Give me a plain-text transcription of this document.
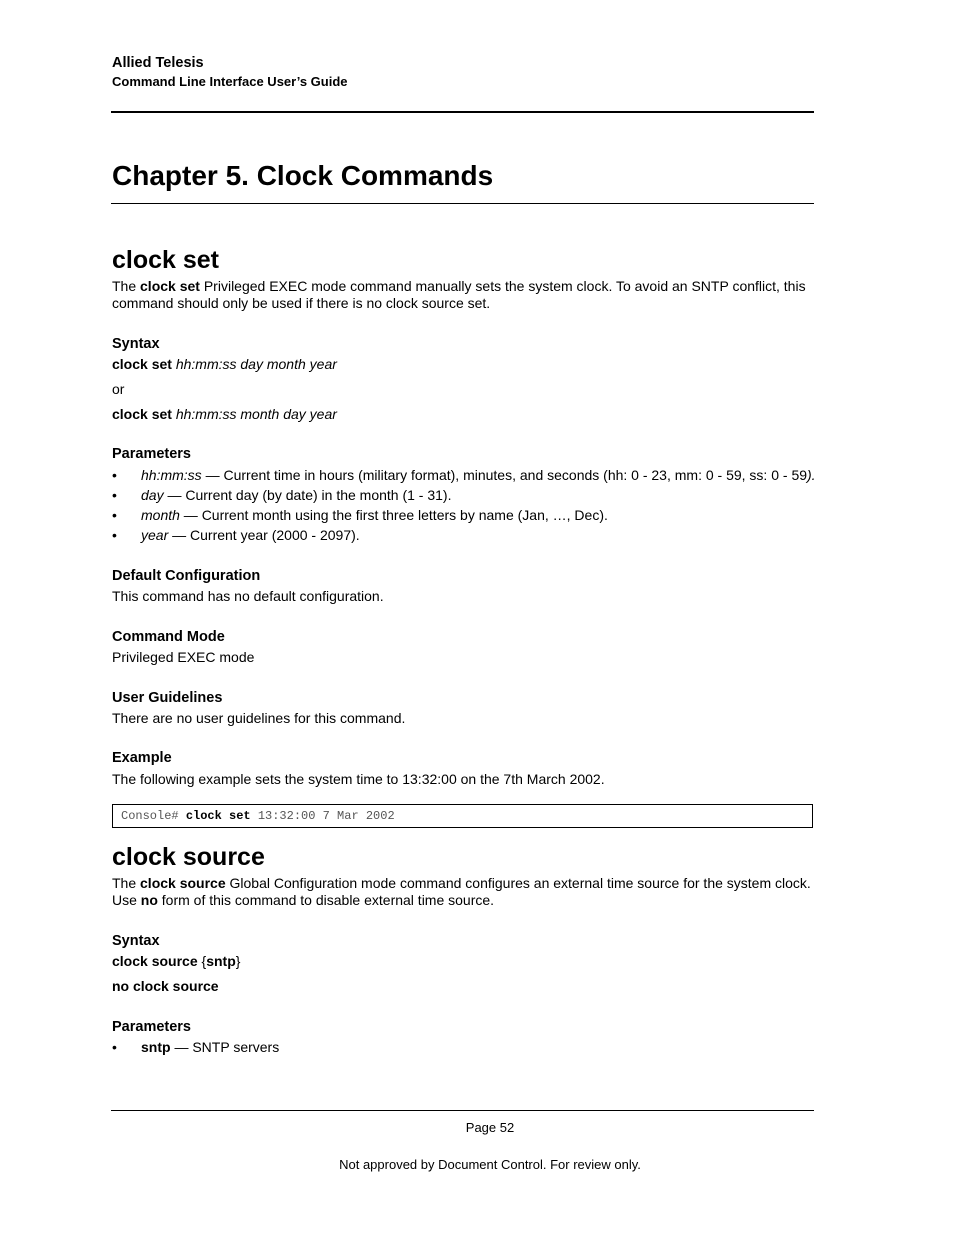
Allied Telesis
Command Line Interface User’s Guide
Chapter 5. Clock Commands
clock set
The clock set Privileged EXEC mode command manually sets the system clock. To avoid an SNTP conflict, this
command should only be used if there is no clock source set.
Syntax
clock set hh:mm:ss day month year
or
clock set hh:mm:ss month day year
Parameters
• hh:mm:ss — Current time in hours (military format), minutes, and seconds (hh: 0 - 23, mm: 0 - 59, ss: 0 - 59).
• day — Current day (by date) in the month (1 - 31).
• month — Current month using the first three letters by name (Jan, …, Dec).
• year — Current year (2000 - 2097).
Default Configuration
This command has no default configuration.
Command Mode
Privileged EXEC mode
User Guidelines
There are no user guidelines for this command.
Example
The following example sets the system time to 13:32:00 on the 7th March 2002.
Console# clock set 13:32:00 7 Mar 2002
clock source
The clock source Global Configuration mode command configures an external time source for the system clock.
Use no form of this command to disable external time source.
Syntax
clock source {sntp}
no clock source
Parameters
• sntp — SNTP servers
Page 52
Not approved by Document Control. For review only.
